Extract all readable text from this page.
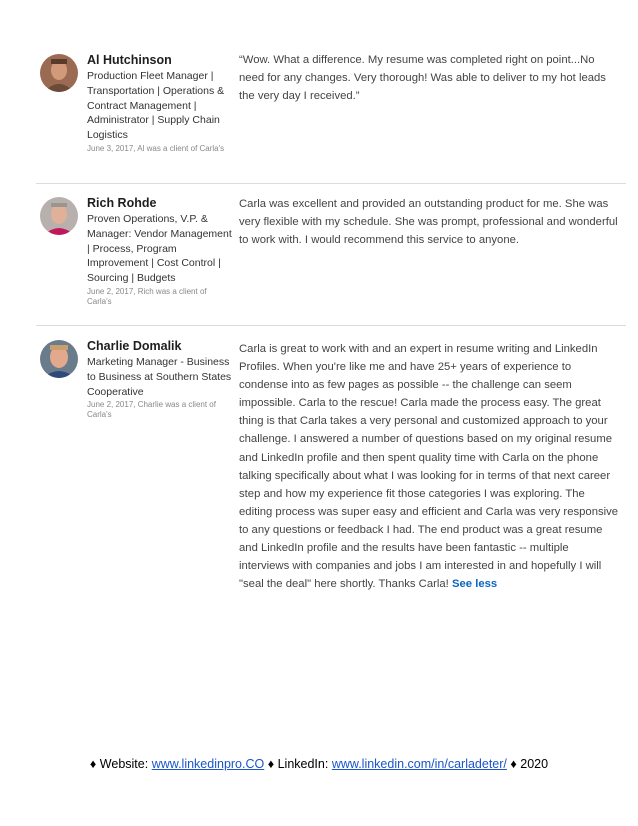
Al Hutchinson
Production Fleet Manager | Transportation | Operations & Contract Management | Administrator | Supply Chain Logistics
June 3, 2017, Al was a client of Carla's
“Wow. What a difference. My resume was completed right on point...No need for any changes. Very thorough! Was able to deliver to my hot leads the very day I received.”
Rich Rohde
Proven Operations, V.P. & Manager: Vendor Management | Process, Program Improvement | Cost Control | Sourcing | Budgets
June 2, 2017, Rich was a client of Carla's
Carla was excellent and provided an outstanding product for me. She was very flexible with my schedule. She was prompt, professional and wonderful to work with. I would recommend this service to anyone.
Charlie Domalik
Marketing Manager - Business to Business at Southern States Cooperative
June 2, 2017, Charlie was a client of Carla's
Carla is great to work with and an expert in resume writing and LinkedIn Profiles. When you're like me and have 25+ years of experience to condense into as few pages as possible -- the challenge can seem impossible. Carla to the rescue! Carla made the process easy. The great thing is that Carla takes a very personal and customized approach to your challenge. I answered a number of questions based on my original resume and LinkedIn profile and then spent quality time with Carla on the phone talking specifically about what I was looking for in terms of that next career step and how my experience fit those categories I was exploring. The editing process was super easy and efficient and Carla was very responsive to any questions or feedback I had. The end product was a great resume and LinkedIn profile and the results have been fantastic -- multiple interviews with companies and jobs I am interested in and hopefully I will "seal the deal" here shortly. Thanks Carla! See less
♦ Website: www.linkedinpro.CO ♦ LinkedIn: www.linkedin.com/in/carladeter/ ♦ 2020
